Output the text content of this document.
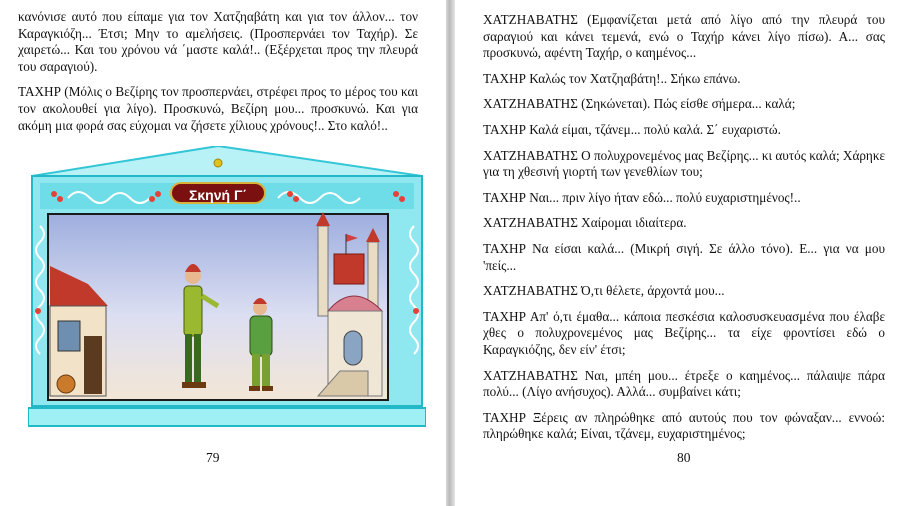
κανόνισε αυτό που είπαμε για τον Χατζηαβάτη και για τον άλλον... τον Καραγκιόζη... Έτσι; Μην το αμελήσεις. (Προσπερνάει τον Ταχήρ). Σε χαιρετώ... Και του χρόνου νά ΄μαστε καλά!.. (Εξέρχεται προς την πλευρά του σαραγιού).

ΤΑΧΗΡ (Μόλις ο Βεζίρης τον προσπερνάει, στρέφει προς το μέρος του και τον ακολουθεί για λίγο). Προσκυνώ, Βεζίρη μου... προσκυνώ. Και για ακόμη μια φορά σας εύχομαι να ζήσετε χίλιους χρόνους!.. Στο καλό!..

Σκηνή Γ΄
79

ΧΑΤΖΗΑΒΑΤΗΣ (Εμφανίζεται μετά από λίγο από την πλευρά του σαραγιού και κάνει τεμενά, ενώ ο Ταχήρ κάνει λίγο πίσω). Α... σας προσκυνώ, αφέντη Ταχήρ, ο καημένος...

ΤΑΧΗΡ Καλώς τον Χατζηαβάτη!.. Σήκω επάνω.

ΧΑΤΖΗΑΒΑΤΗΣ (Σηκώνεται). Πώς είσθε σήμερα... καλά;

ΤΑΧΗΡ Καλά είμαι, τζάνεμ... πολύ καλά. Σ΄ ευχαριστώ.

ΧΑΤΖΗΑΒΑΤΗΣ Ο πολυχρονεμένος μας Βεζίρης... κι αυτός καλά; Χάρηκε για τη χθεσινή γιορτή των γενεθλίων του;

ΤΑΧΗΡ Ναι... πριν λίγο ήταν εδώ... πολύ ευχαριστημένος!..

ΧΑΤΖΗΑΒΑΤΗΣ Χαίρομαι ιδιαίτερα.

ΤΑΧΗΡ Να είσαι καλά... (Μικρή σιγή. Σε άλλο τόνο). Ε... για να μου 'πείς...

ΧΑΤΖΗΑΒΑΤΗΣ Ό,τι θέλετε, άρχοντά μου...

ΤΑΧΗΡ Απ' ό,τι έμαθα... κάποια πεσκέσια καλοσυσκευασμένα που έλαβε χθες ο πολυχρονεμένος μας Βεζίρης... τα είχε φροντίσει εδώ ο Καραγκιόζης, δεν είν' έτσι;

ΧΑΤΖΗΑΒΑΤΗΣ Ναι, μπέη μου... έτρεξε ο καημένος... πάλαιψε πάρα πολύ... (Λίγο ανήσυχος). Αλλά... συμβαίνει κάτι;

ΤΑΧΗΡ Ξέρεις αν πληρώθηκε από αυτούς που τον φώναξαν... εννοώ: πληρώθηκε καλά; Είναι, τζάνεμ, ευχαριστημένος;

80
